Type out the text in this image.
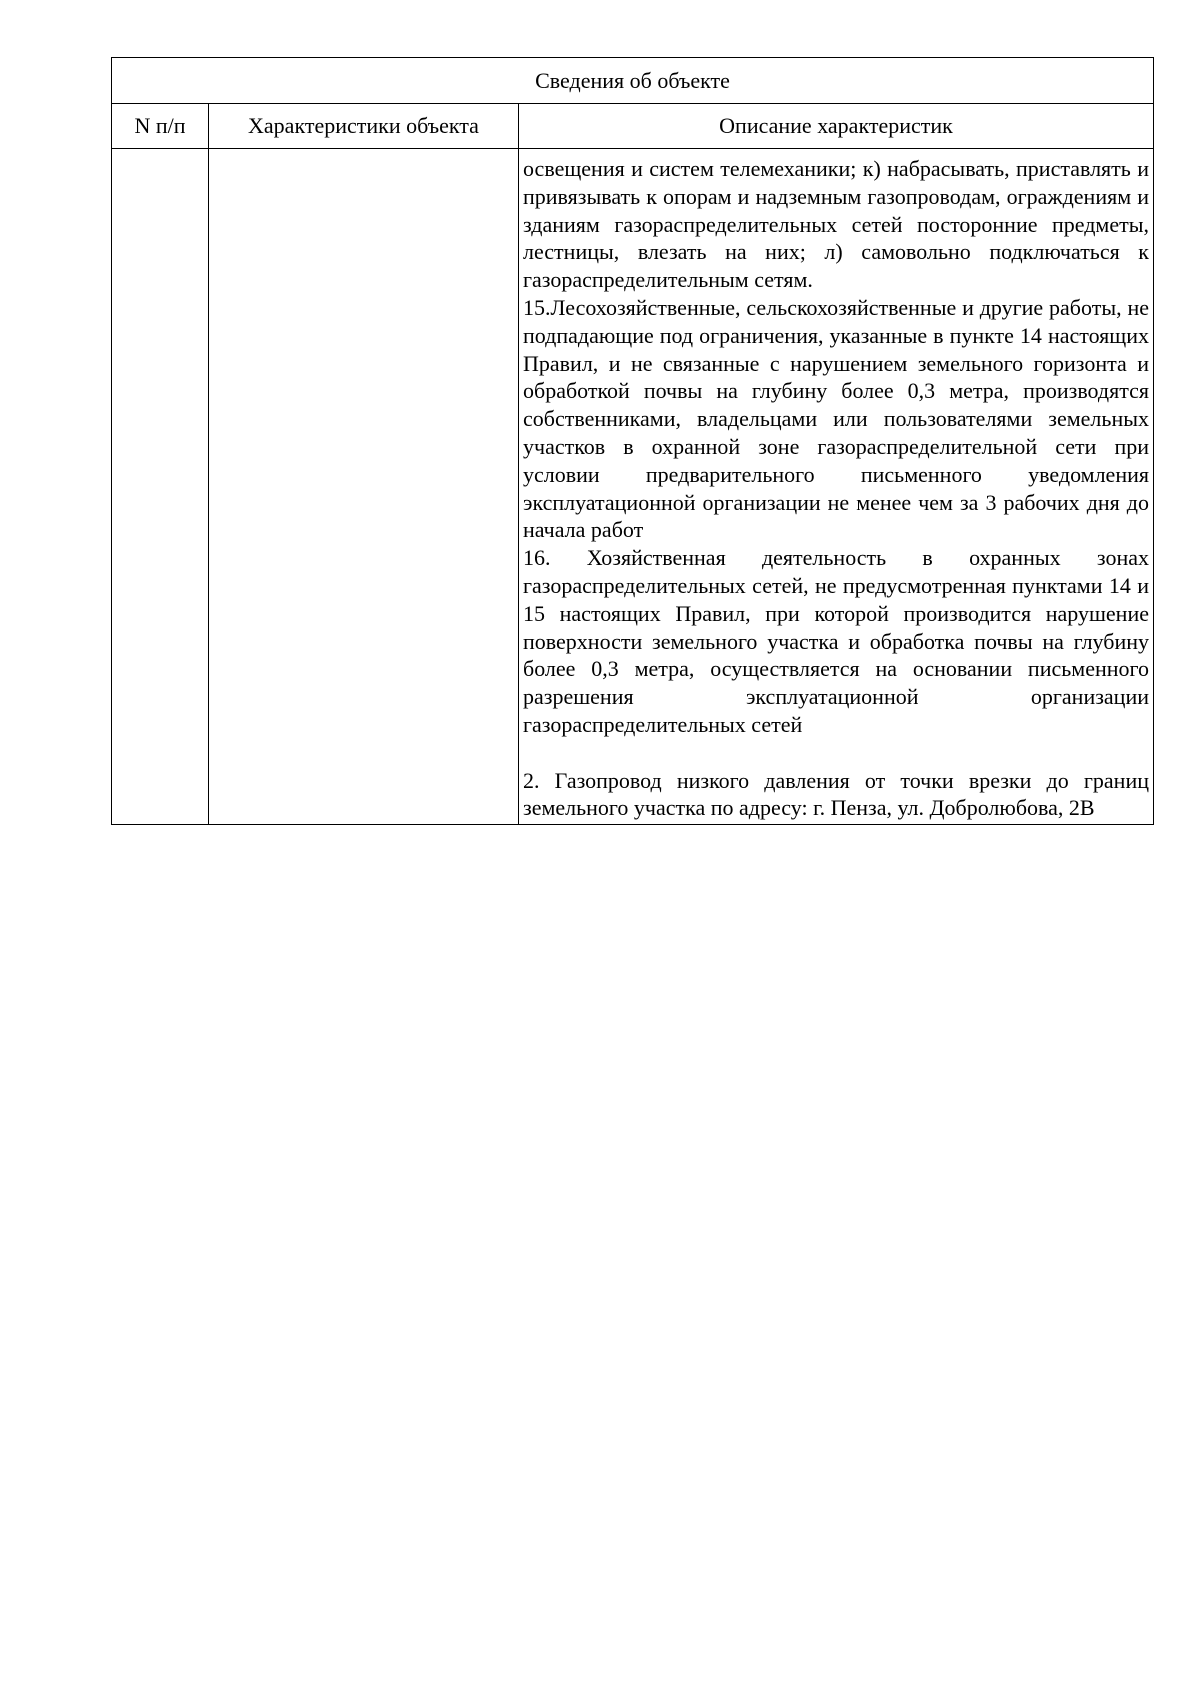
Сведения об объекте		
N п/п	Характеристики объекта	Описание характеристик

		освещения и систем телемеханики; к) набрасывать, приставлять и привязывать к опорам и надземным газопроводам, ограждениям и зданиям газораспределительных сетей посторонние предметы, лестницы, влезать на них; л) самовольно подключаться к газораспределительным сетям.
15.Лесохозяйственные, сельскохозяйственные и другие работы, не подпадающие под ограничения, указанные в пункте 14 настоящих Правил, и не связанные с нарушением земельного горизонта и обработкой почвы на глубину более 0,3 метра, производятся собственниками, владельцами или пользователями земельных участков в охранной зоне газораспределительной сети при условии предварительного письменного уведомления эксплуатационной организации не менее чем за 3 рабочих дня до начала работ
16. Хозяйственная деятельность в охранных зонах газораспределительных сетей, не предусмотренная пунктами 14 и 15 настоящих Правил, при которой производится нарушение поверхности земельного участка и обработка почвы на глубину более 0,3 метра, осуществляется на основании письменного разрешения эксплуатационной организации газораспределительных сетей
2. Газопровод низкого давления от точки врезки до границ земельного участка по адресу: г. Пенза, ул. Добролюбова, 2В
